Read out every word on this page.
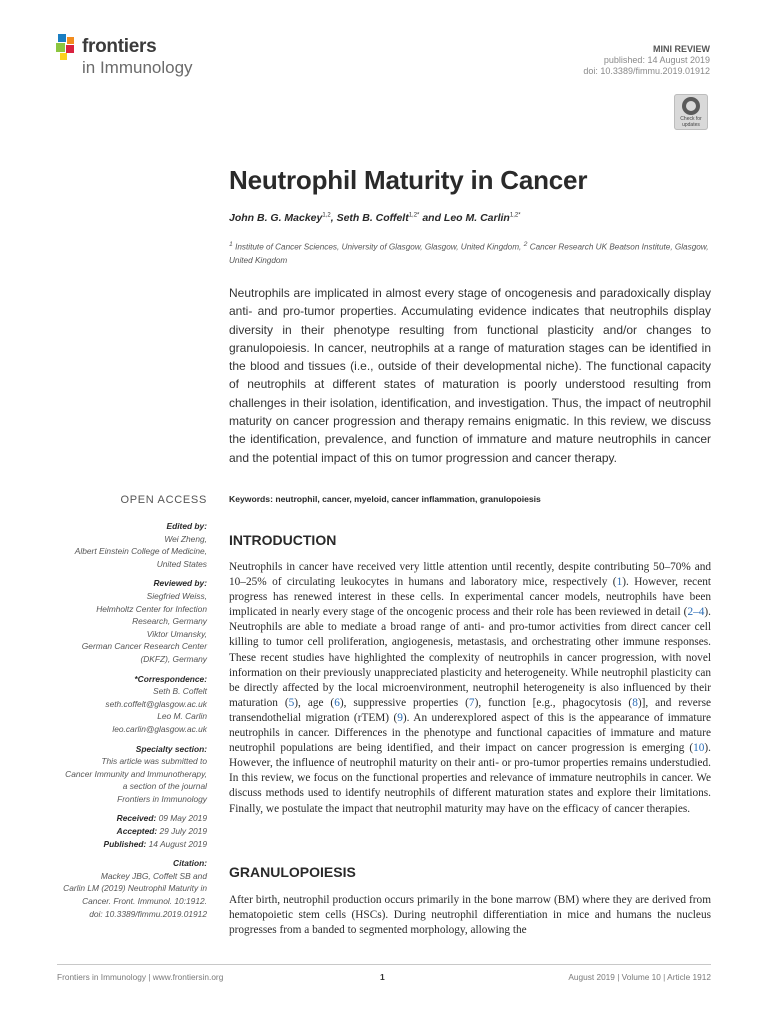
frontiers
in Immunology
MINI REVIEW
published: 14 August 2019
doi: 10.3389/fimmu.2019.01912
Check for updates
Neutrophil Maturity in Cancer
John B. G. Mackey$^{1,2}$, Seth B. Coffelt$^{1,2*}$ and Leo M. Carlin$^{1,2*}$
$^1$ Institute of Cancer Sciences, University of Glasgow, Glasgow, United Kingdom, $^2$ Cancer Research UK Beatson Institute, Glasgow, United Kingdom
Neutrophils are implicated in almost every stage of oncogenesis and paradoxically display anti- and pro-tumor properties. Accumulating evidence indicates that neutrophils display diversity in their phenotype resulting from functional plasticity and/or changes to granulopoiesis. In cancer, neutrophils at a range of maturation stages can be identified in the blood and tissues (i.e., outside of their developmental niche). The functional capacity of neutrophils at different states of maturation is poorly understood resulting from challenges in their isolation, identification, and investigation. Thus, the impact of neutrophil maturity on cancer progression and therapy remains enigmatic. In this review, we discuss the identification, prevalence, and function of immature and mature neutrophils in cancer and the potential impact of this on tumor progression and cancer therapy.
Keywords: neutrophil, cancer, myeloid, cancer inflammation, granulopoiesis
OPEN ACCESS
Edited by:
Wei Zheng,
Albert Einstein College of Medicine,
United States
Reviewed by:
Siegfried Weiss,
Helmholtz Center for Infection
Research, Germany
Viktor Umansky,
German Cancer Research Center
(DKFZ), Germany
*Correspondence:
Seth B. Coffelt
seth.coffelt@glasgow.ac.uk
Leo M. Carlin
leo.carlin@glasgow.ac.uk
Specialty section:
This article was submitted to
Cancer Immunity and Immunotherapy,
a section of the journal
Frontiers in Immunology
Received: 09 May 2019
Accepted: 29 July 2019
Published: 14 August 2019
Citation:
Mackey JBG, Coffelt SB and
Carlin LM (2019) Neutrophil Maturity in
Cancer. Front. Immunol. 10:1912.
doi: 10.3389/fimmu.2019.01912
INTRODUCTION
Neutrophils in cancer have received very little attention until recently, despite contributing 50–70% and 10–25% of circulating leukocytes in humans and laboratory mice, respectively (1). However, recent progress has renewed interest in these cells. In experimental cancer models, neutrophils have been implicated in nearly every stage of the oncogenic process and their role has been reviewed in detail (2–4). Neutrophils are able to mediate a broad range of anti- and pro-tumor activities from direct cancer cell killing to tumor cell proliferation, angiogenesis, metastasis, and orchestrating other immune responses. These recent studies have highlighted the complexity of neutrophils in cancer progression, with novel information on their previously unappreciated plasticity and heterogeneity. While neutrophil plasticity can be directly affected by the local microenvironment, neutrophil heterogeneity is also influenced by their maturation (5), age (6), suppressive properties (7), function [e.g., phagocytosis (8)], and reverse transendothelial migration (rTEM) (9). An underexplored aspect of this is the appearance of immature neutrophils in cancer. Differences in the phenotype and functional capacities of immature and mature neutrophil populations are being identified, and their impact on cancer progression is emerging (10). However, the influence of neutrophil maturity on their anti- or pro-tumor properties remains understudied. In this review, we focus on the functional properties and relevance of immature neutrophils in cancer. We discuss methods used to identify neutrophils of different maturation states and explore their limitations. Finally, we postulate the impact that neutrophil maturity may have on the efficacy of cancer therapies.
GRANULOPOIESIS
After birth, neutrophil production occurs primarily in the bone marrow (BM) where they are derived from hematopoietic stem cells (HSCs). During neutrophil differentiation in mice and humans the nucleus progresses from a banded to segmented morphology, allowing the
Frontiers in Immunology | www.frontiersin.org	1	August 2019 | Volume 10 | Article 1912
